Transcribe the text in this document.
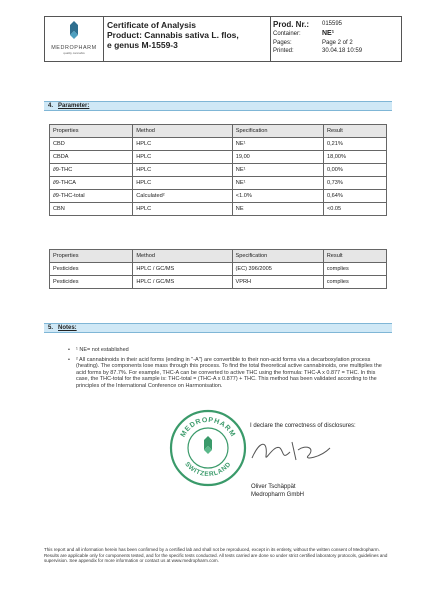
MEDROPHARM
quality cannabis
Certificate of Analysis
Product: Cannabis sativa L. flos,
e genus M-1559-3
Prod. Nr.: 015595
Container:	NE¹
Pages:	Page 2 of 2
Printed:	30.04.18 10:59
4. Parameter:
Properties	Method	Specification	Result
CBD	HPLC	NE¹	0,21%
CBDA	HPLC	19,00	18,00%
∂9-THC	HPLC	NE¹	0,00%
∂9-THCA	HPLC	NE¹	0,73%
∂9-THC-total	Calculated²	<1.0%	0,64%
CBN	HPLC	NE	<0.05
Properties	Method	Specification	Result
Pesticides	HPLC / GC/MS	(EC) 396/2005	complies
Pesticides	HPLC / GC/MS	VPRH	complies
5. Notes:
• ¹ NE= not established
• ² All cannabinoids in their acid forms (ending in "-A") are convertible to their non-acid forms via a decarboxylation process (heating). The components lose mass through this process. To find the total theoretical active cannabinoids, one multiplies the acid forms by 87.7%. For example, THC-A can be converted to active THC using the formula: THC-A x 0.877 = THC. In this case, the THC-total for the sample is: THC-total = (THC-A x 0.877) + THC. This method has been validated according to the principles of the International Conference on Harmonisation.
I declare the correctness of disclosures:
MEDROPHARM
SWITZERLAND
Oliver Tschäppät
Medropharm GmbH
This report and all information herein has been confirmed by a certified lab and shall not be reproduced, except in its entirety, without the written consent of Medropharm. Results are applicable only for components tested, and for the specific tests conducted. All tests carried are done so under strict certified laboratory protocols, guidelines and supervision. See appendix for more information or contact us at www.medropharm.com.
